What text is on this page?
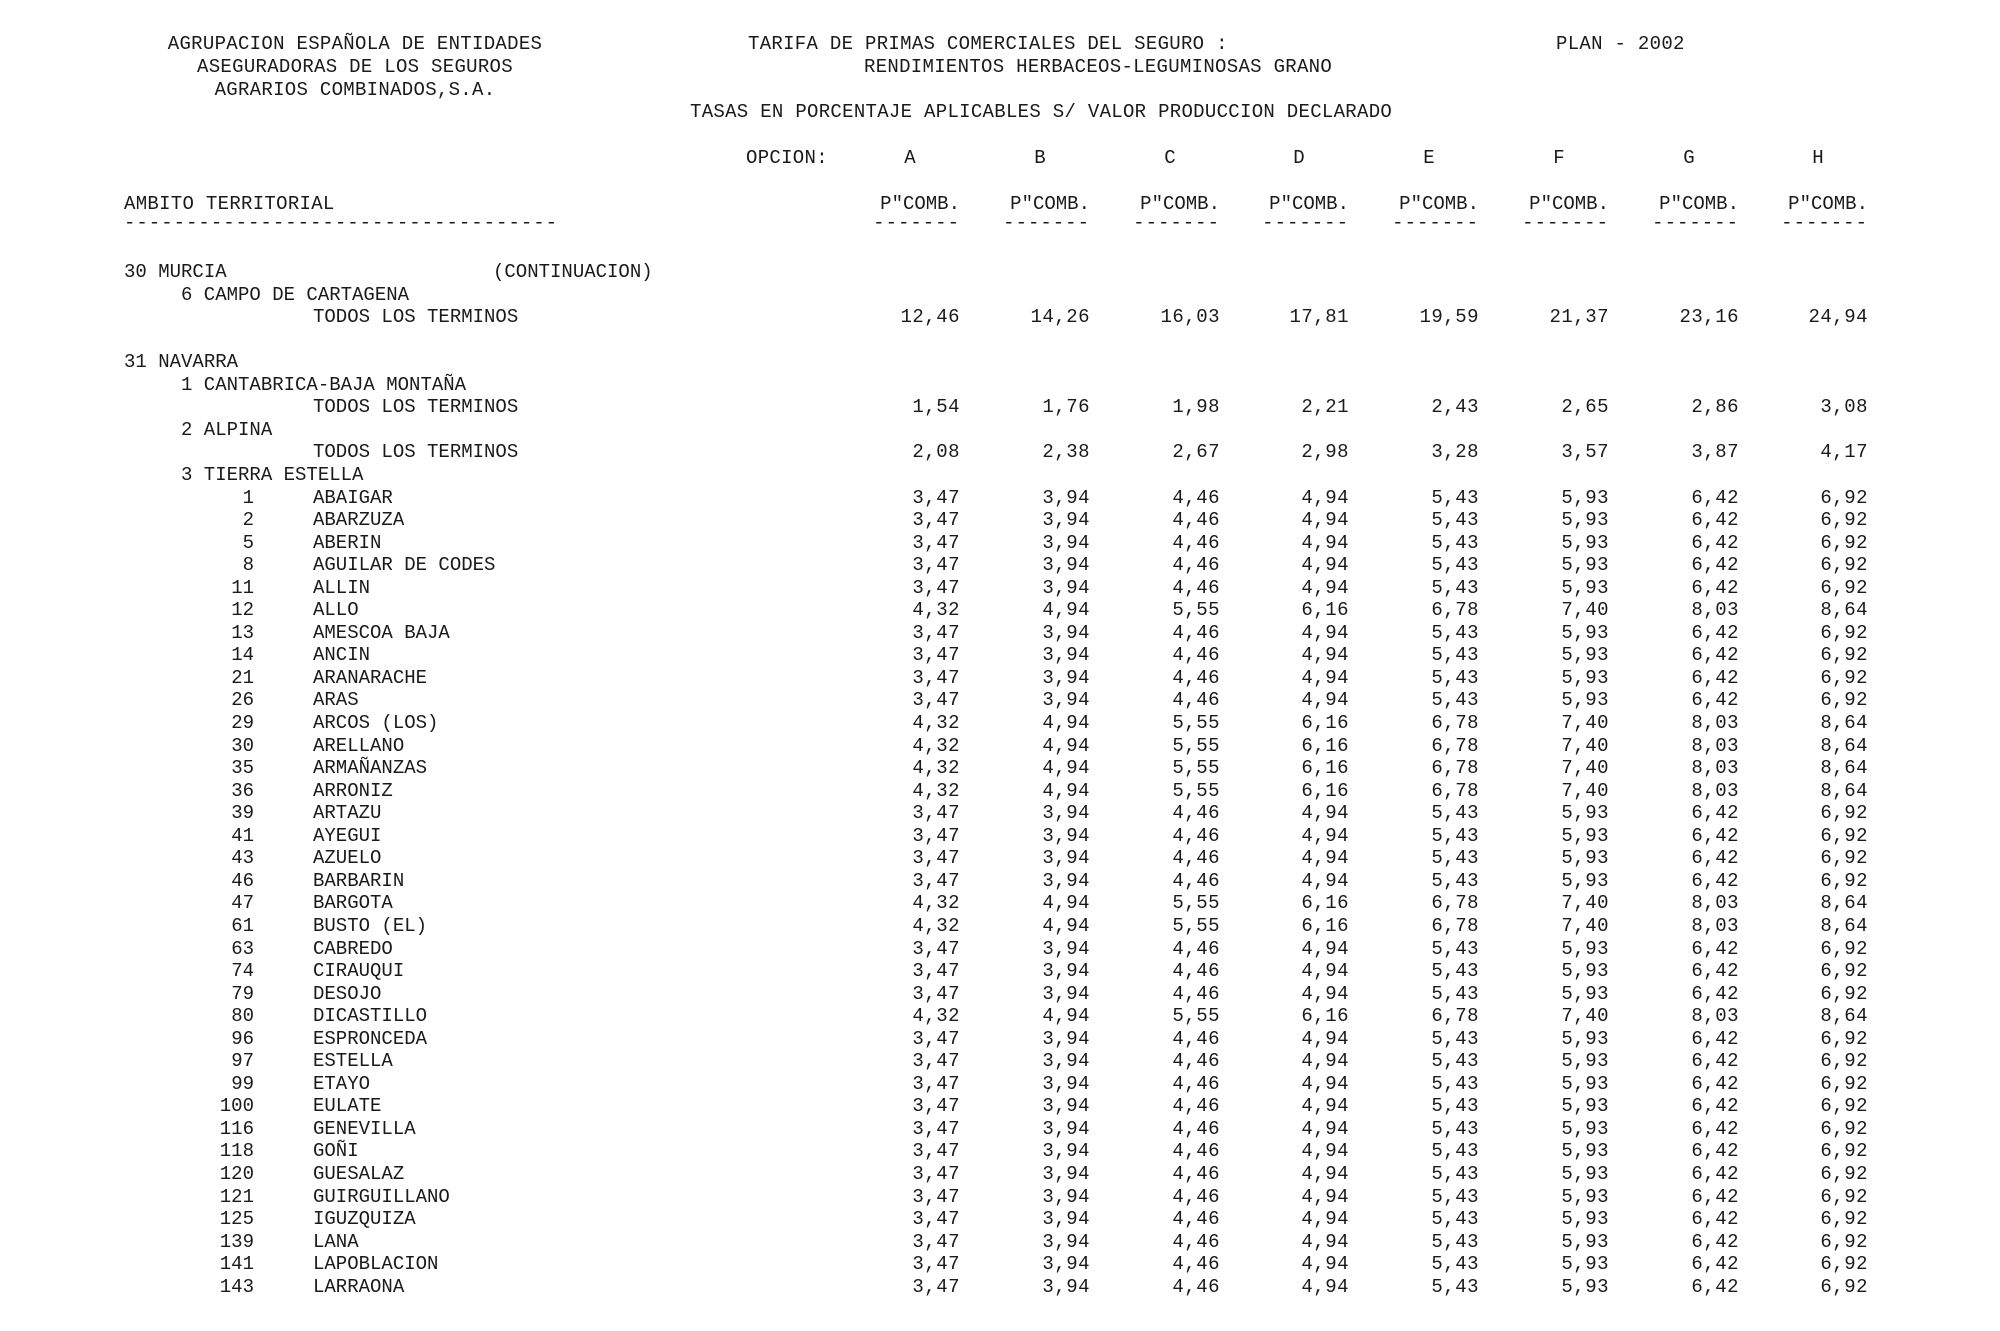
AGRUPACION ESPAÑOLA DE ENTIDADES
ASEGURADORAS DE LOS SEGUROS
AGRARIOS COMBINADOS,S.A.
TARIFA DE PRIMAS COMERCIALES DEL SEGURO :
RENDIMIENTOS HERBACEOS-LEGUMINOSAS GRANO
PLAN - 2002
TASAS EN PORCENTAJE APLICABLES S/ VALOR PRODUCCION DECLARADO
OPCION:	A	B	C	D	E	F	G	H
AMBITO TERRITORIAL	P"COMB.	P"COMB.	P"COMB.	P"COMB.	P"COMB.	P"COMB.	P"COMB.	P"COMB.
-----------------------------------	-------	-------	-------	-------	-------	-------	-------	-------
30 MURCIA	(CONTINUACION)
6 CAMPO DE CARTAGENA
TODOS LOS TERMINOS	12,46	14,26	16,03	17,81	19,59	21,37	23,16	24,94
31 NAVARRA
1 CANTABRICA-BAJA MONTAÑA
TODOS LOS TERMINOS	1,54	1,76	1,98	2,21	2,43	2,65	2,86	3,08
2 ALPINA
TODOS LOS TERMINOS	2,08	2,38	2,67	2,98	3,28	3,57	3,87	4,17
3 TIERRA ESTELLA
1	ABAIGAR	3,47	3,94	4,46	4,94	5,43	5,93	6,42	6,92
2	ABARZUZA	3,47	3,94	4,46	4,94	5,43	5,93	6,42	6,92
5	ABERIN	3,47	3,94	4,46	4,94	5,43	5,93	6,42	6,92
8	AGUILAR DE CODES	3,47	3,94	4,46	4,94	5,43	5,93	6,42	6,92
11	ALLIN	3,47	3,94	4,46	4,94	5,43	5,93	6,42	6,92
12	ALLO	4,32	4,94	5,55	6,16	6,78	7,40	8,03	8,64
13	AMESCOA BAJA	3,47	3,94	4,46	4,94	5,43	5,93	6,42	6,92
14	ANCIN	3,47	3,94	4,46	4,94	5,43	5,93	6,42	6,92
21	ARANARACHE	3,47	3,94	4,46	4,94	5,43	5,93	6,42	6,92
26	ARAS	3,47	3,94	4,46	4,94	5,43	5,93	6,42	6,92
29	ARCOS (LOS)	4,32	4,94	5,55	6,16	6,78	7,40	8,03	8,64
30	ARELLANO	4,32	4,94	5,55	6,16	6,78	7,40	8,03	8,64
35	ARMAÑANZAS	4,32	4,94	5,55	6,16	6,78	7,40	8,03	8,64
36	ARRONIZ	4,32	4,94	5,55	6,16	6,78	7,40	8,03	8,64
39	ARTAZU	3,47	3,94	4,46	4,94	5,43	5,93	6,42	6,92
41	AYEGUI	3,47	3,94	4,46	4,94	5,43	5,93	6,42	6,92
43	AZUELO	3,47	3,94	4,46	4,94	5,43	5,93	6,42	6,92
46	BARBARIN	3,47	3,94	4,46	4,94	5,43	5,93	6,42	6,92
47	BARGOTA	4,32	4,94	5,55	6,16	6,78	7,40	8,03	8,64
61	BUSTO (EL)	4,32	4,94	5,55	6,16	6,78	7,40	8,03	8,64
63	CABREDO	3,47	3,94	4,46	4,94	5,43	5,93	6,42	6,92
74	CIRAUQUI	3,47	3,94	4,46	4,94	5,43	5,93	6,42	6,92
79	DESOJO	3,47	3,94	4,46	4,94	5,43	5,93	6,42	6,92
80	DICASTILLO	4,32	4,94	5,55	6,16	6,78	7,40	8,03	8,64
96	ESPRONCEDA	3,47	3,94	4,46	4,94	5,43	5,93	6,42	6,92
97	ESTELLA	3,47	3,94	4,46	4,94	5,43	5,93	6,42	6,92
99	ETAYO	3,47	3,94	4,46	4,94	5,43	5,93	6,42	6,92
100	EULATE	3,47	3,94	4,46	4,94	5,43	5,93	6,42	6,92
116	GENEVILLA	3,47	3,94	4,46	4,94	5,43	5,93	6,42	6,92
118	GOÑI	3,47	3,94	4,46	4,94	5,43	5,93	6,42	6,92
120	GUESALAZ	3,47	3,94	4,46	4,94	5,43	5,93	6,42	6,92
121	GUIRGUILLANO	3,47	3,94	4,46	4,94	5,43	5,93	6,42	6,92
125	IGUZQUIZA	3,47	3,94	4,46	4,94	5,43	5,93	6,42	6,92
139	LANA	3,47	3,94	4,46	4,94	5,43	5,93	6,42	6,92
141	LAPOBLACION	3,47	3,94	4,46	4,94	5,43	5,93	6,42	6,92
143	LARRAONA	3,47	3,94	4,46	4,94	5,43	5,93	6,42	6,92
